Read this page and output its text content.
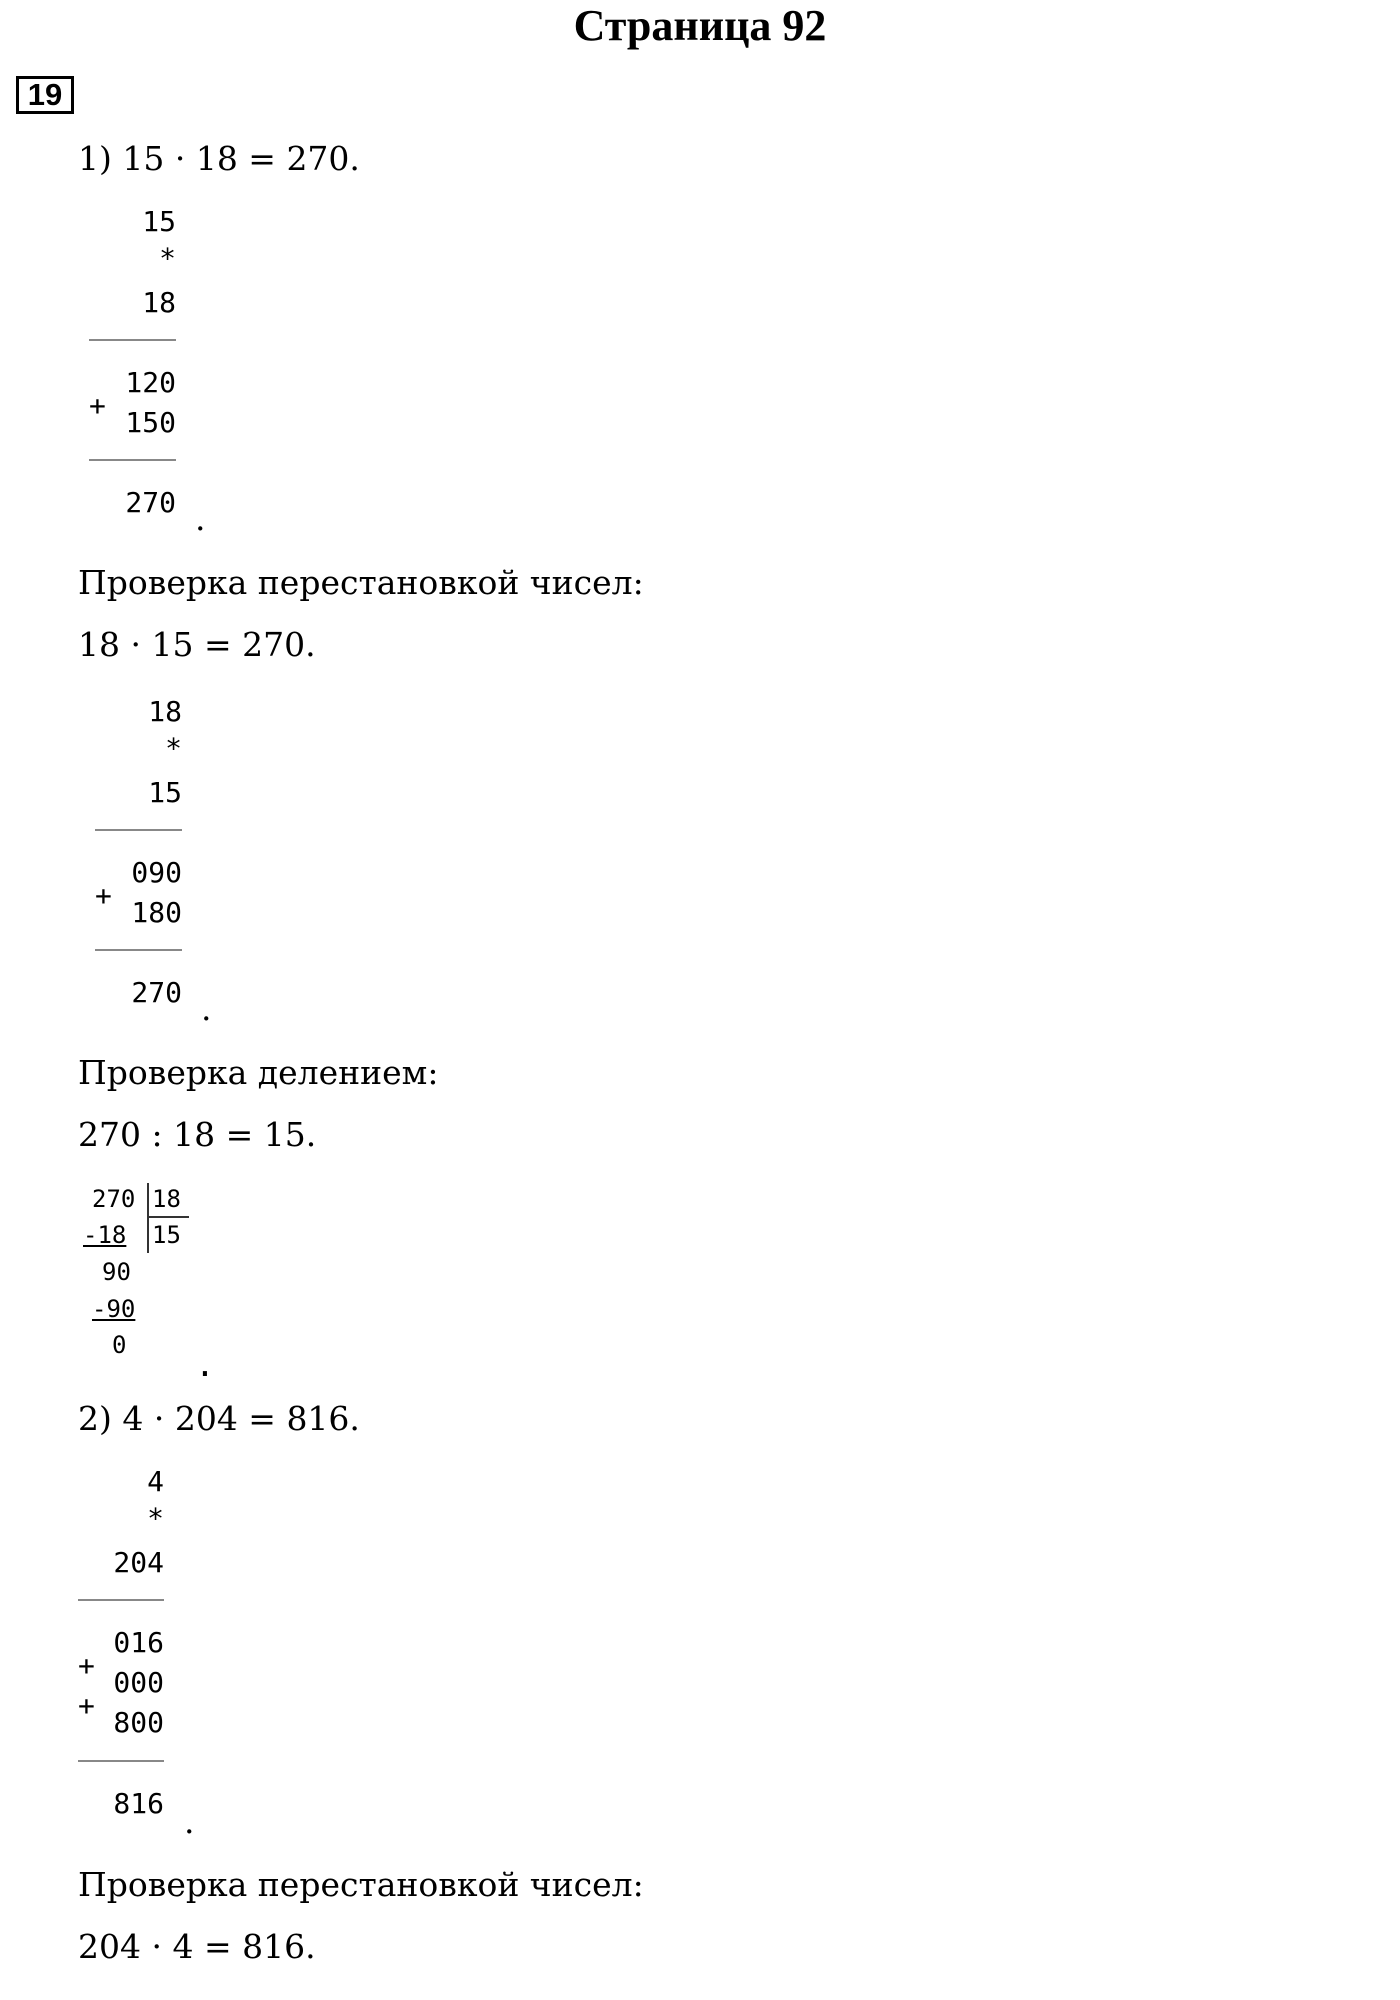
Страница 92
19
1) 15 · 18 = 270.
15
*
18
+
120
150
270 .
Проверка перестановкой чисел:
18 · 15 = 270.
18
*
15
+
090
180
270 .
Проверка делением:
270 : 18 = 15.
270 18
-18 15
90
-90
0 .
2) 4 · 204 = 816.
4
*
204
+
+
016
000
800
816 .
Проверка перестановкой чисел:
204 · 4 = 816.
